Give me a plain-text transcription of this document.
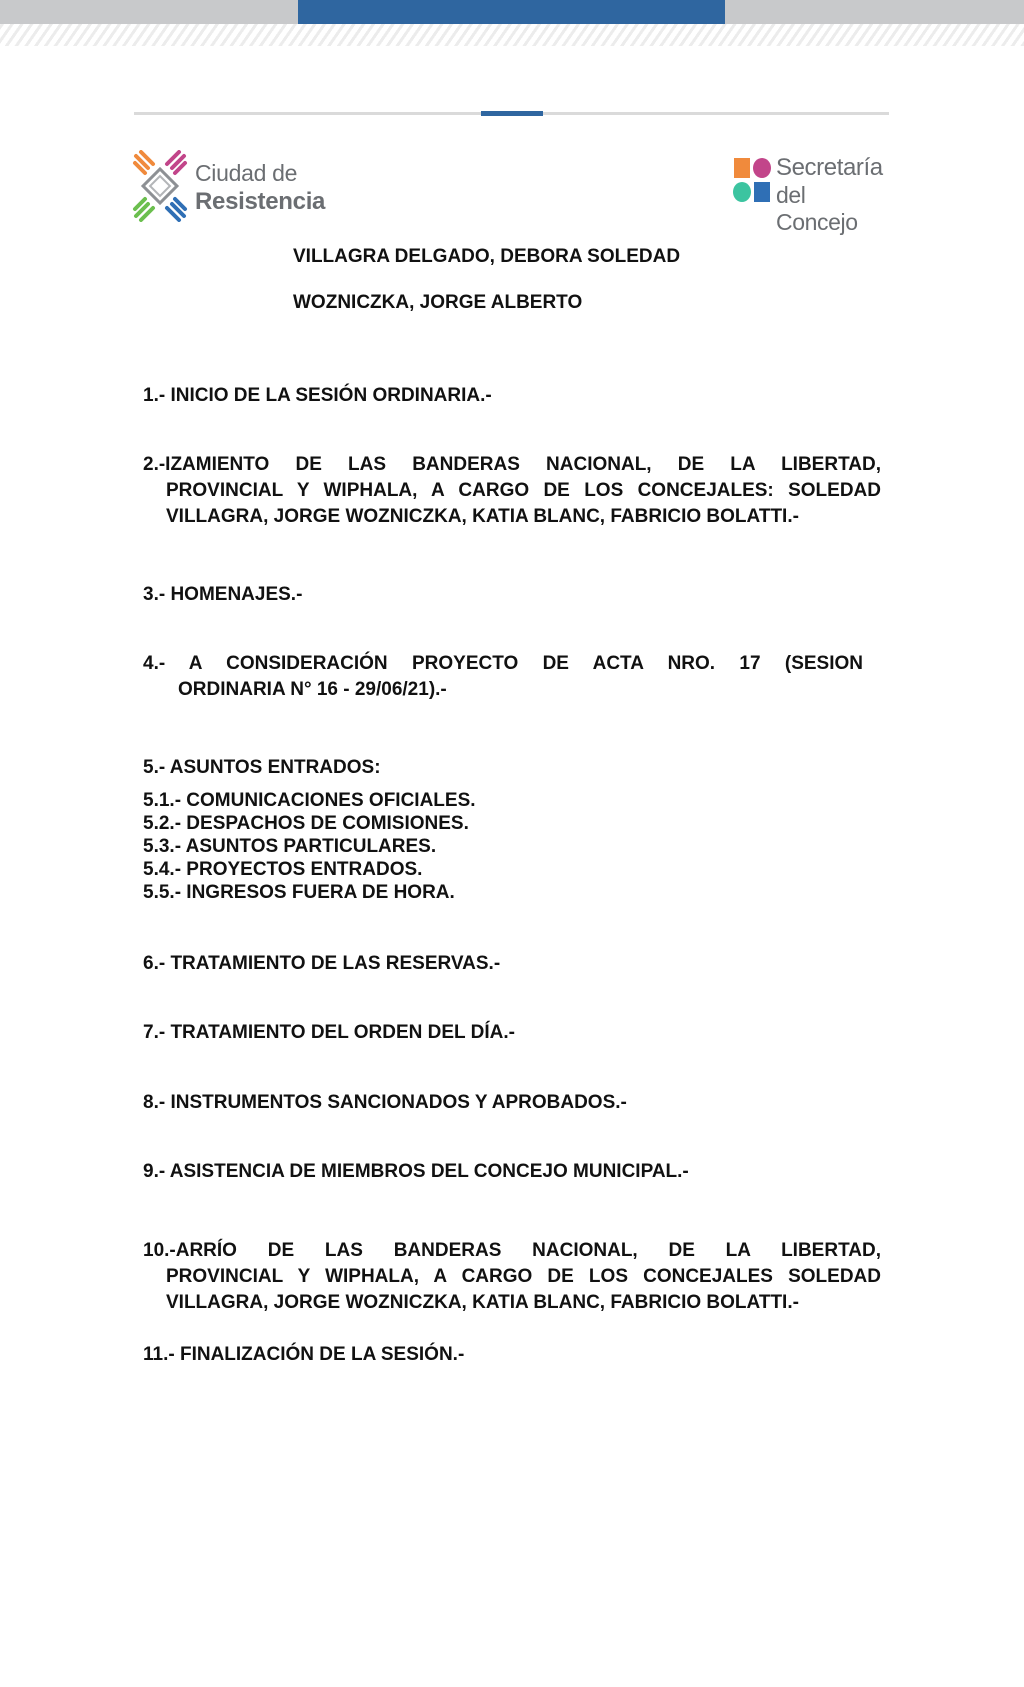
Ciudad de
Resistencia
Secretaría
del Concejo
VILLAGRA DELGADO, DEBORA SOLEDAD
WOZNICZKA, JORGE ALBERTO
1.- INICIO DE LA SESIÓN ORDINARIA.-
2.-IZAMIENTO DE LAS BANDERAS NACIONAL, DE LA LIBERTAD,
PROVINCIAL Y WIPHALA, A CARGO DE LOS CONCEJALES: SOLEDAD
VILLAGRA, JORGE WOZNICZKA, KATIA BLANC, FABRICIO BOLATTI.-
3.- HOMENAJES.-
4.- A CONSIDERACIÓN PROYECTO DE ACTA NRO. 17 (SESION
ORDINARIA N° 16 - 29/06/21).-
5.- ASUNTOS ENTRADOS:
5.1.- COMUNICACIONES OFICIALES.
5.2.- DESPACHOS DE COMISIONES.
5.3.- ASUNTOS PARTICULARES.
5.4.- PROYECTOS ENTRADOS.
5.5.- INGRESOS FUERA DE HORA.
6.- TRATAMIENTO DE LAS RESERVAS.-
7.- TRATAMIENTO DEL ORDEN DEL DÍA.-
8.- INSTRUMENTOS SANCIONADOS Y APROBADOS.-
9.- ASISTENCIA DE MIEMBROS DEL CONCEJO MUNICIPAL.-
10.-ARRÍO DE LAS BANDERAS NACIONAL, DE LA LIBERTAD,
PROVINCIAL Y WIPHALA, A CARGO DE LOS CONCEJALES SOLEDAD
VILLAGRA, JORGE WOZNICZKA, KATIA BLANC, FABRICIO BOLATTI.-
11.- FINALIZACIÓN DE LA SESIÓN.-
